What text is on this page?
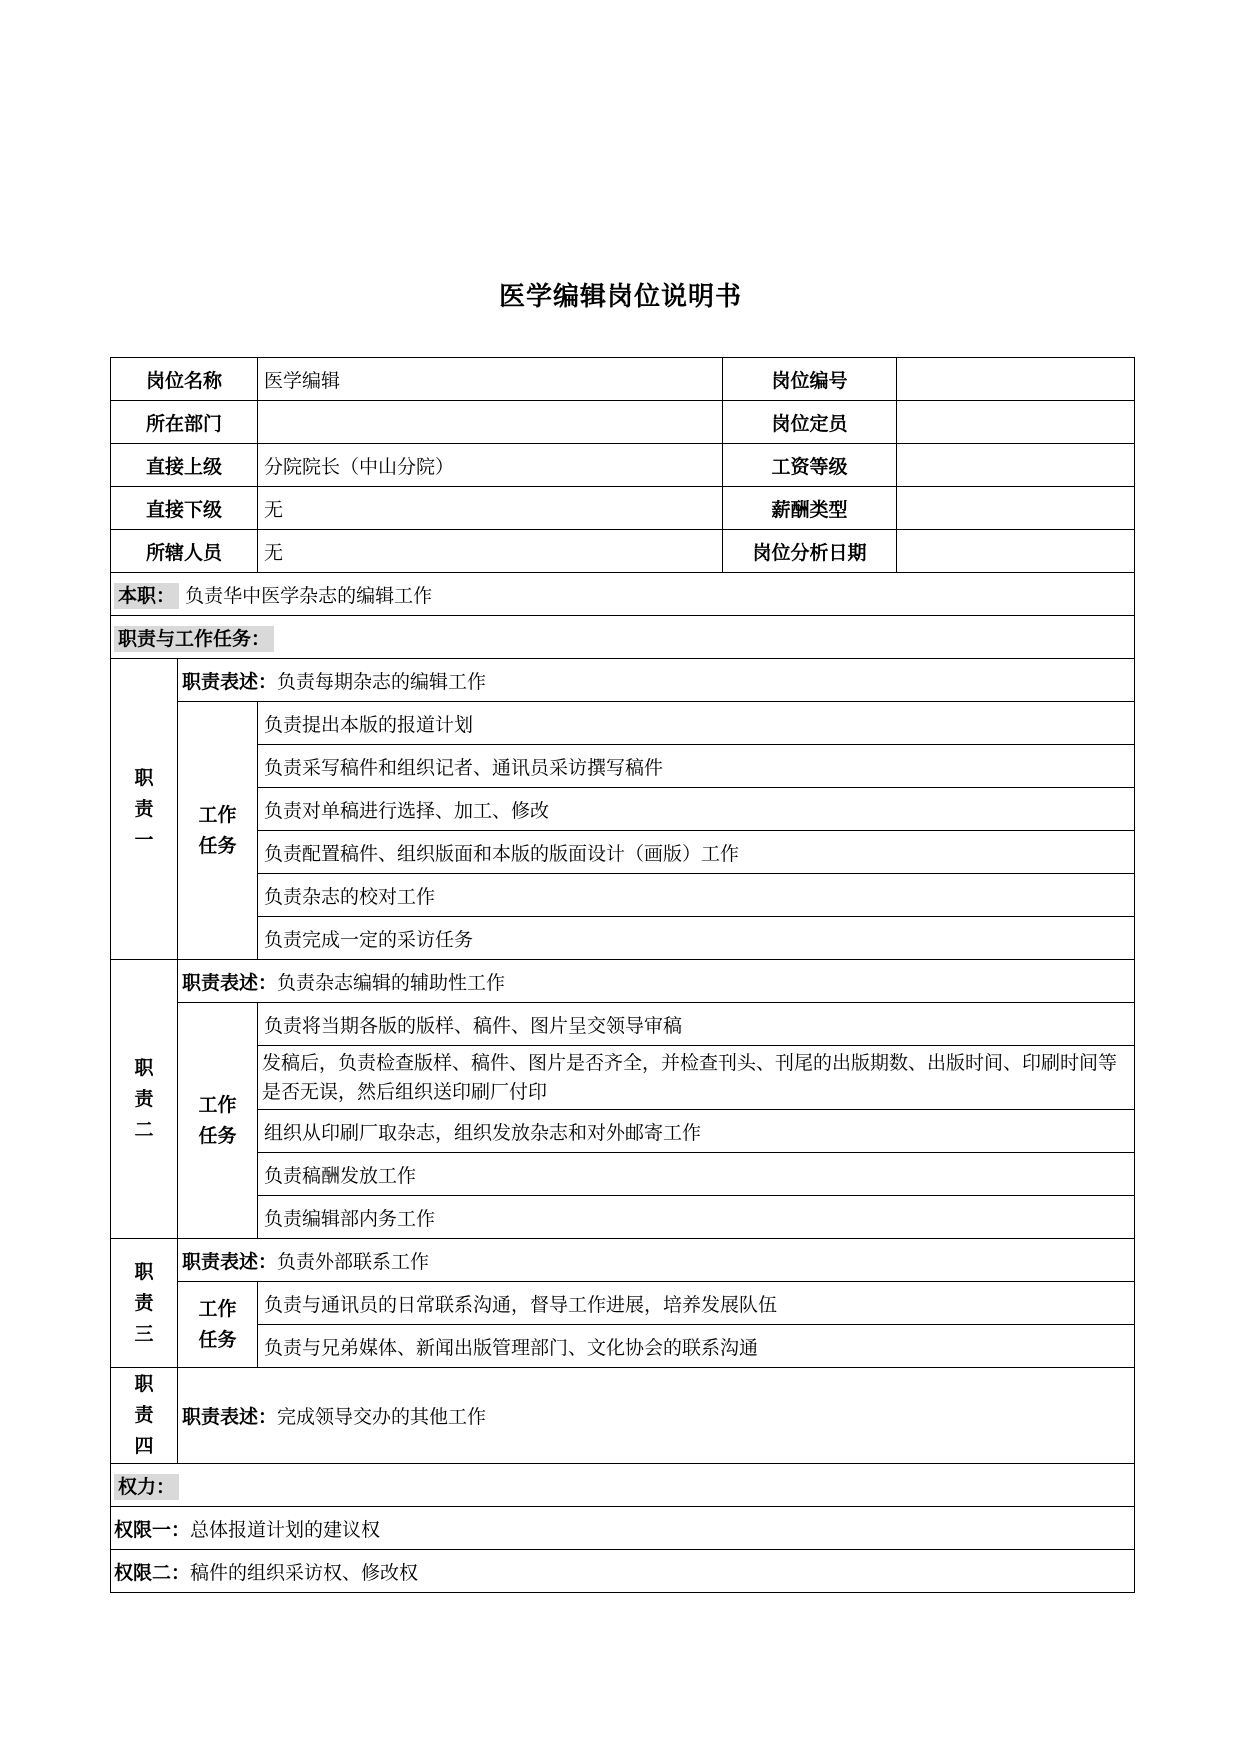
医学编辑岗位说明书
岗位名称		医学编辑	岗位编号	
所在部门			岗位定员	
直接上级		分院院长（中山分院）	工资等级	
直接下级		无	薪酬类型	
所辖人员		无	岗位分析日期	
本职： 负责华中医学杂志的编辑工作				
职责与工作任务：				
职
责
一	职责表述：负责每期杂志的编辑工作			
	工作
任务	负责提出本版的报道计划		
		负责采写稿件和组织记者、通讯员采访撰写稿件		
		负责对单稿进行选择、加工、修改		
		负责配置稿件、组织版面和本版的版面设计（画版）工作		
		负责杂志的校对工作		
		负责完成一定的采访任务		
职
责
二	职责表述：负责杂志编辑的辅助性工作			
	工作
任务	负责将当期各版的版样、稿件、图片呈交领导审稿		
		发稿后，负责检查版样、稿件、图片是否齐全，并检查刊头、刊尾的出版期数、出版时间、印刷时间等是否无误，然后组织送印刷厂付印		
		组织从印刷厂取杂志，组织发放杂志和对外邮寄工作		
		负责稿酬发放工作		
		负责编辑部内务工作		
职
责
三	职责表述：负责外部联系工作			
	工作
任务	负责与通讯员的日常联系沟通，督导工作进展，培养发展队伍		
		负责与兄弟媒体、新闻出版管理部门、文化协会的联系沟通		
职
责
四	职责表述：完成领导交办的其他工作			
权力：				
权限一：总体报道计划的建议权				
权限二：稿件的组织采访权、修改权				
